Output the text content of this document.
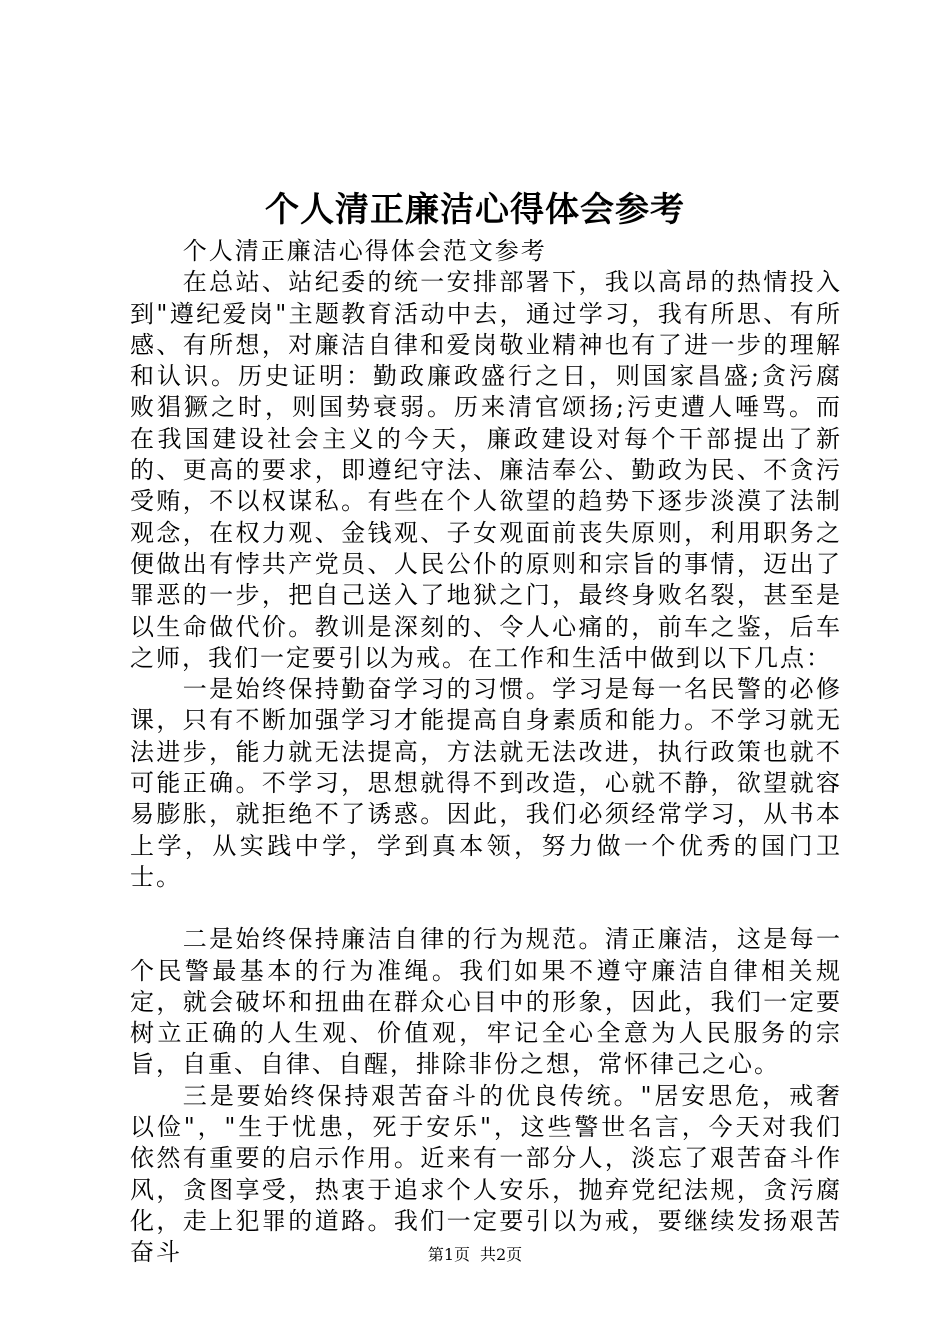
个人清正廉洁心得体会参考

个人清正廉洁心得体会范文参考

在总站、站纪委的统一安排部署下，我以高昂的热情投入到"遵纪爱岗"主题教育活动中去，通过学习，我有所思、有所感、有所想，对廉洁自律和爱岗敬业精神也有了进一步的理解和认识。历史证明：勤政廉政盛行之日，则国家昌盛;贪污腐败猖獗之时，则国势衰弱。历来清官颂扬;污吏遭人唾骂。而在我国建设社会主义的今天，廉政建设对每个干部提出了新的、更高的要求，即遵纪守法、廉洁奉公、勤政为民、不贪污受贿，不以权谋私。有些在个人欲望的趋势下逐步淡漠了法制观念，在权力观、金钱观、子女观面前丧失原则，利用职务之便做出有悖共产党员、人民公仆的原则和宗旨的事情，迈出了罪恶的一步，把自己送入了地狱之门，最终身败名裂，甚至是以生命做代价。教训是深刻的、令人心痛的，前车之鉴，后车之师，我们一定要引以为戒。在工作和生活中做到以下几点：

一是始终保持勤奋学习的习惯。学习是每一名民警的必修课，只有不断加强学习才能提高自身素质和能力。不学习就无法进步，能力就无法提高，方法就无法改进，执行政策也就不可能正确。不学习，思想就得不到改造，心就不静，欲望就容易膨胀，就拒绝不了诱惑。因此，我们必须经常学习，从书本上学，从实践中学，学到真本领，努力做一个优秀的国门卫士。

二是始终保持廉洁自律的行为规范。清正廉洁，这是每一个民警最基本的行为准绳。我们如果不遵守廉洁自律相关规定，就会破坏和扭曲在群众心目中的形象，因此，我们一定要树立正确的人生观、价值观，牢记全心全意为人民服务的宗旨，自重、自律、自醒，排除非份之想，常怀律己之心。

三是要始终保持艰苦奋斗的优良传统。"居安思危，戒奢以俭"，"生于忧患，死于安乐"，这些警世名言，今天对我们依然有重要的启示作用。近来有一部分人，淡忘了艰苦奋斗作风，贪图享受，热衷于追求个人安乐，抛弃党纪法规，贪污腐化，走上犯罪的道路。我们一定要引以为戒，要继续发扬艰苦奋斗	第1页 共2页
